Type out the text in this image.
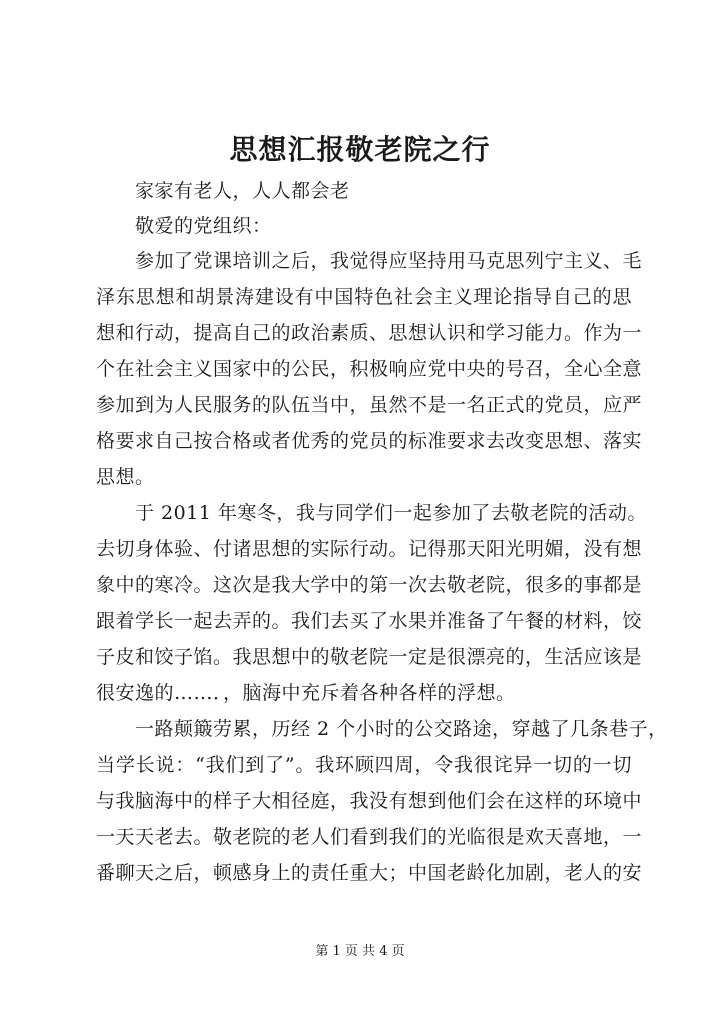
思想汇报敬老院之行
家家有老人，人人都会老
敬爱的党组织：
参加了党课培训之后，我觉得应坚持用马克思列宁主义、毛
泽东思想和胡景涛建设有中国特色社会主义理论指导自己的思
想和行动，提高自己的政治素质、思想认识和学习能力。作为一
个在社会主义国家中的公民，积极响应党中央的号召，全心全意
参加到为人民服务的队伍当中，虽然不是一名正式的党员，应严
格要求自己按合格或者优秀的党员的标准要求去改变思想、落实
思想。
于 2011 年寒冬，我与同学们一起参加了去敬老院的活动。
去切身体验、付诸思想的实际行动。记得那天阳光明媚，没有想
象中的寒冷。这次是我大学中的第一次去敬老院，很多的事都是
跟着学长一起去弄的。我们去买了水果并准备了午餐的材料，饺
子皮和饺子馅。我思想中的敬老院一定是很漂亮的，生活应该是
很安逸的……．，脑海中充斥着各种各样的浮想。
一路颠簸劳累，历经 2 个小时的公交路途，穿越了几条巷子，
当学长说：“我们到了”。我环顾四周，令我很诧异一切的一切
与我脑海中的样子大相径庭，我没有想到他们会在这样的环境中
一天天老去。敬老院的老人们看到我们的光临很是欢天喜地，一
番聊天之后，顿感身上的责任重大；中国老龄化加剧，老人的安
第 1 页 共 4 页
